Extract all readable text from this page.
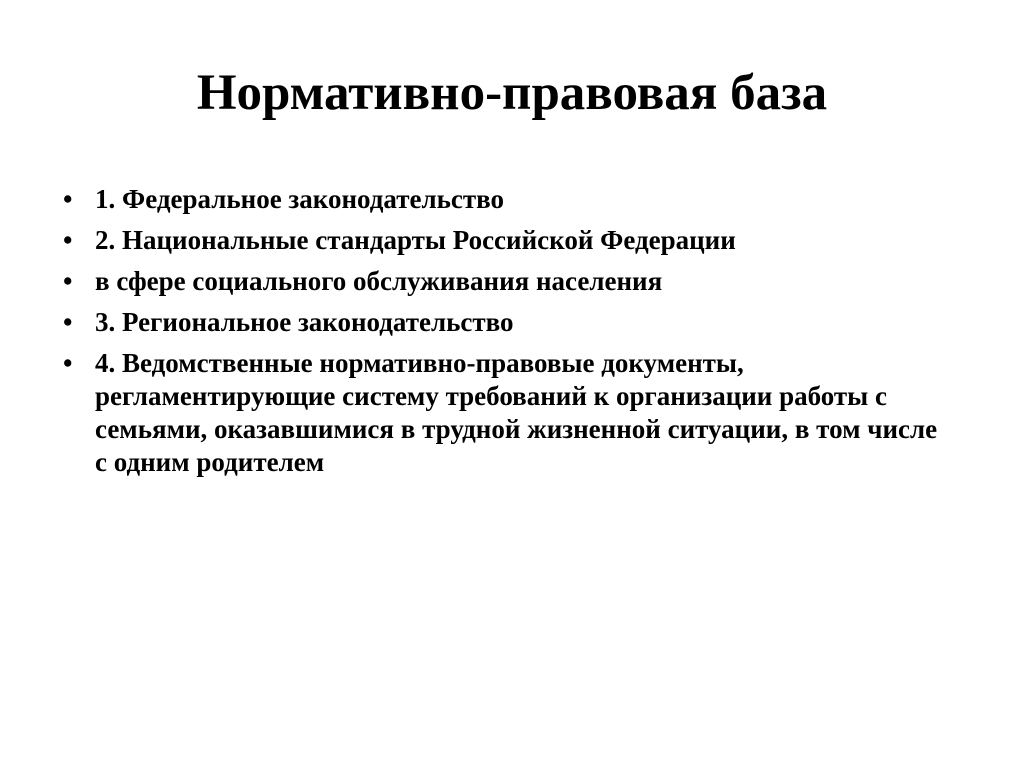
Нормативно-правовая база
• 1. Федеральное законодательство
• 2. Национальные стандарты Российской Федерации
• в сфере социального обслуживания населения
• 3. Региональное законодательство
• 4. Ведомственные нормативно-правовые документы, регламентирующие систему требований к организации работы с семьями, оказавшимися в трудной жизненной ситуации, в том числе с одним родителем
